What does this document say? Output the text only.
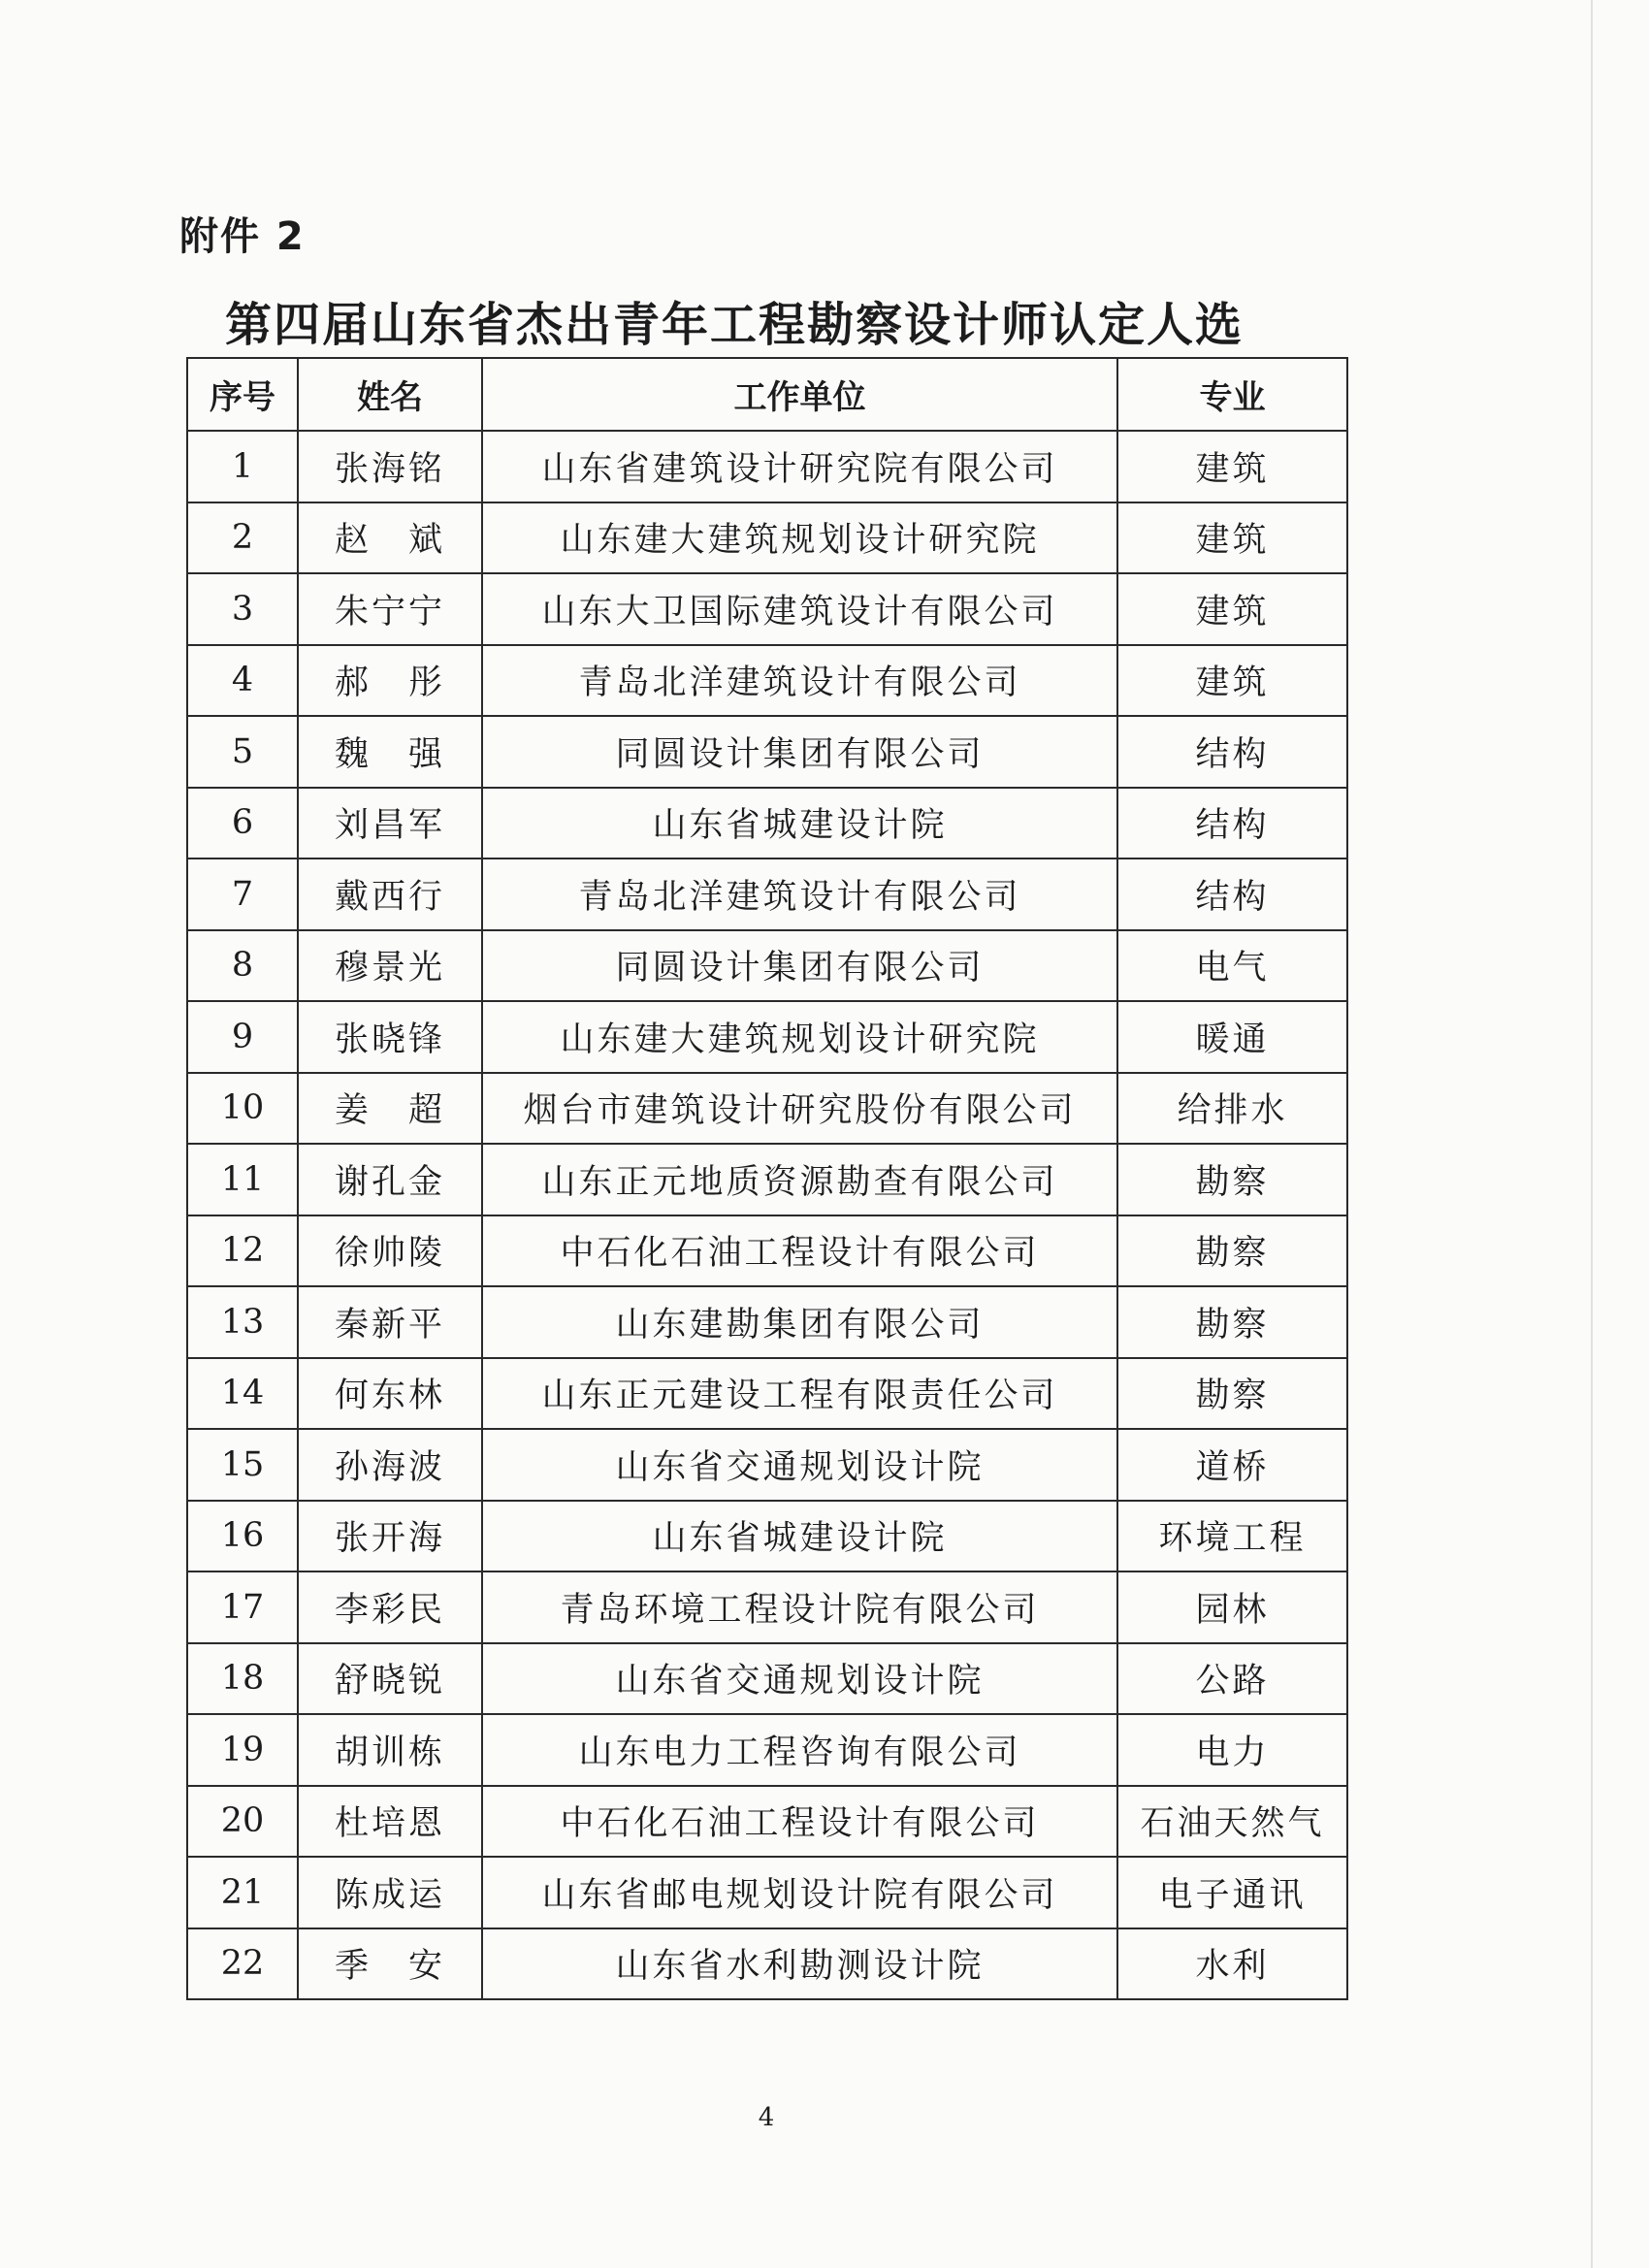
附件 2
第四届山东省杰出青年工程勘察设计师认定人选
序号	姓名	工作单位	专业
1	张海铭	山东省建筑设计研究院有限公司	建筑
2	赵　斌	山东建大建筑规划设计研究院	建筑
3	朱宁宁	山东大卫国际建筑设计有限公司	建筑
4	郝　彤	青岛北洋建筑设计有限公司	建筑
5	魏　强	同圆设计集团有限公司	结构
6	刘昌军	山东省城建设计院	结构
7	戴西行	青岛北洋建筑设计有限公司	结构
8	穆景光	同圆设计集团有限公司	电气
9	张晓锋	山东建大建筑规划设计研究院	暖通
10	姜　超	烟台市建筑设计研究股份有限公司	给排水
11	谢孔金	山东正元地质资源勘查有限公司	勘察
12	徐帅陵	中石化石油工程设计有限公司	勘察
13	秦新平	山东建勘集团有限公司	勘察
14	何东林	山东正元建设工程有限责任公司	勘察
15	孙海波	山东省交通规划设计院	道桥
16	张开海	山东省城建设计院	环境工程
17	李彩民	青岛环境工程设计院有限公司	园林
18	舒晓锐	山东省交通规划设计院	公路
19	胡训栋	山东电力工程咨询有限公司	电力
20	杜培恩	中石化石油工程设计有限公司	石油天然气
21	陈成运	山东省邮电规划设计院有限公司	电子通讯
22	季　安	山东省水利勘测设计院	水利
4
